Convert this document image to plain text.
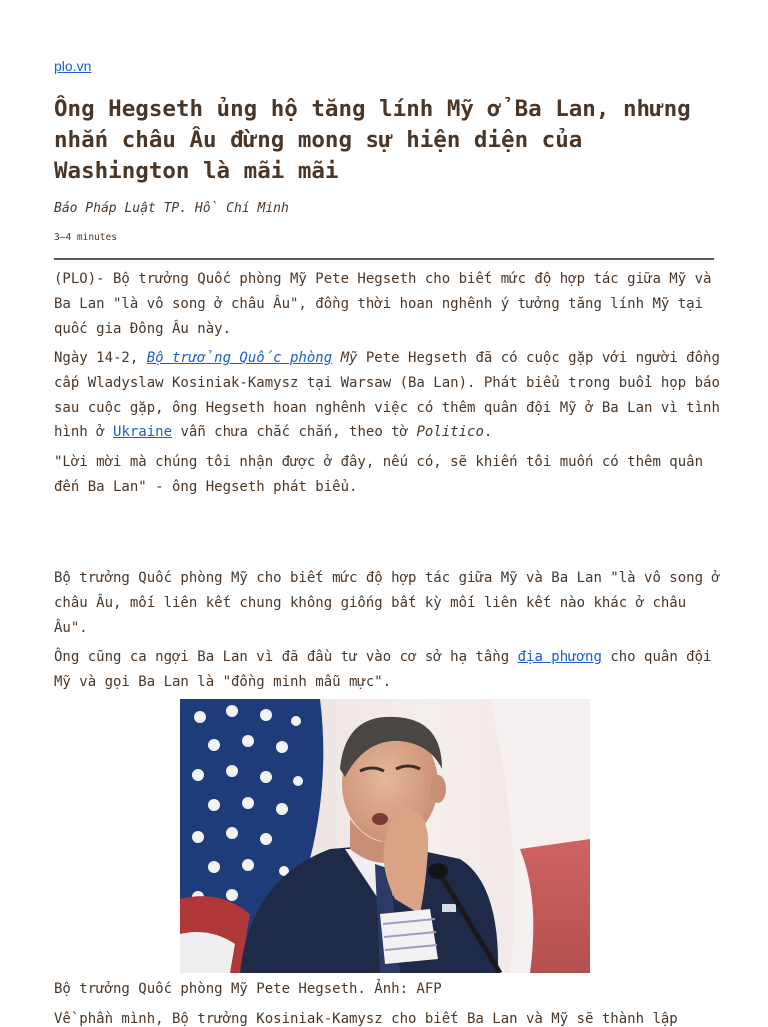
plo.vn
Ông Hegseth ủng hộ tăng lính Mỹ ở Ba Lan, nhưng nhắn châu Âu đừng mong sự hiện diện của Washington là mãi mãi
Báo Pháp Luật TP. Hồ Chí Minh
3–4 minutes

(PLO)- Bộ trưởng Quốc phòng Mỹ Pete Hegseth cho biết mức độ hợp tác giữa Mỹ và Ba Lan "là vô song ở châu Âu", đồng thời hoan nghênh ý tưởng tăng lính Mỹ tại quốc gia Đông Âu này.

Ngày 14-2, Bộ trưởng Quốc phòng Mỹ Pete Hegseth đã có cuộc gặp với người đồng cấp Wladyslaw Kosiniak-Kamysz tại Warsaw (Ba Lan). Phát biểu trong buổi họp báo sau cuộc gặp, ông Hegseth hoan nghênh việc có thêm quân đội Mỹ ở Ba Lan vì tình hình ở Ukraine vẫn chưa chắc chắn, theo tờ Politico.

"Lời mời mà chúng tôi nhận được ở đây, nếu có, sẽ khiến tôi muốn có thêm quân đến Ba Lan" - ông Hegseth phát biểu.

Bộ trưởng Quốc phòng Mỹ cho biết mức độ hợp tác giữa Mỹ và Ba Lan "là vô song ở châu Âu, mối liên kết chung không giống bất kỳ mối liên kết nào khác ở châu Âu".

Ông cũng ca ngợi Ba Lan vì đã đầu tư vào cơ sở hạ tầng địa phương cho quân đội Mỹ và gọi Ba Lan là "đồng minh mẫu mực".

Bộ trưởng Quốc phòng Mỹ Pete Hegseth. Ảnh: AFP

Về phần mình, Bộ trưởng Kosiniak-Kamysz cho biết Ba Lan và Mỹ sẽ thành lập
